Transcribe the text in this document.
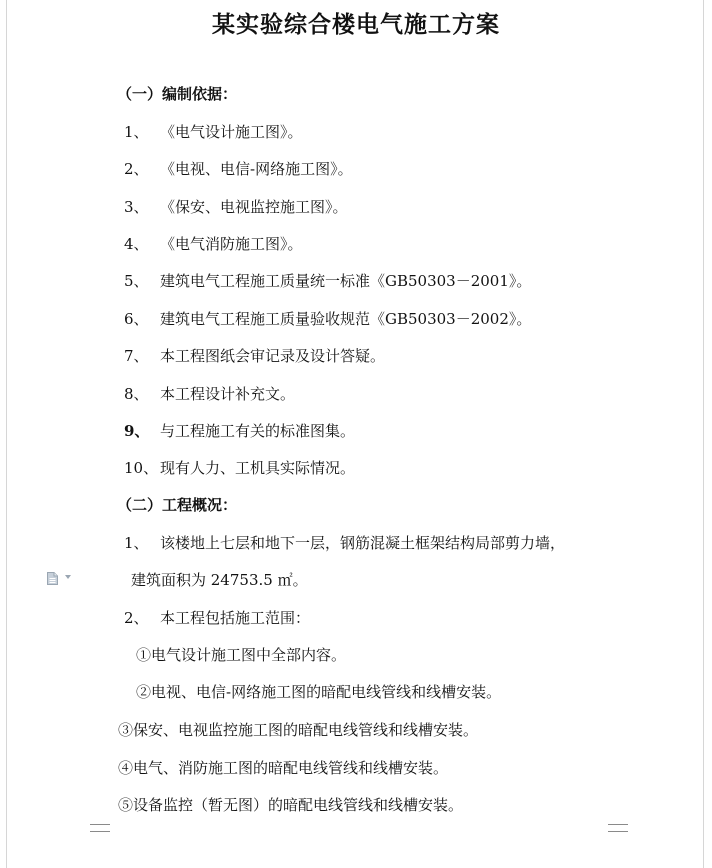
某实验综合楼电气施工方案
（一）编制依据：
1、 《电气设计施工图》。
2、 《电视、电信-网络施工图》。
3、 《保安、电视监控施工图》。
4、 《电气消防施工图》。
5、 建筑电气工程施工质量统一标准《GB50303－2001》。
6、 建筑电气工程施工质量验收规范《GB50303－2002》。
7、 本工程图纸会审记录及设计答疑。
8、 本工程设计补充文。
9、 与工程施工有关的标准图集。
10、 现有人力、工机具实际情况。
（二）工程概况：
1、 该楼地上七层和地下一层，钢筋混凝土框架结构局部剪力墙，
建筑面积为 24753.5 ㎡。
2、 本工程包括施工范围：
①电气设计施工图中全部内容。
②电视、电信-网络施工图的暗配电线管线和线槽安装。
③保安、电视监控施工图的暗配电线管线和线槽安装。
④电气、消防施工图的暗配电线管线和线槽安装。
⑤设备监控（暂无图）的暗配电线管线和线槽安装。
